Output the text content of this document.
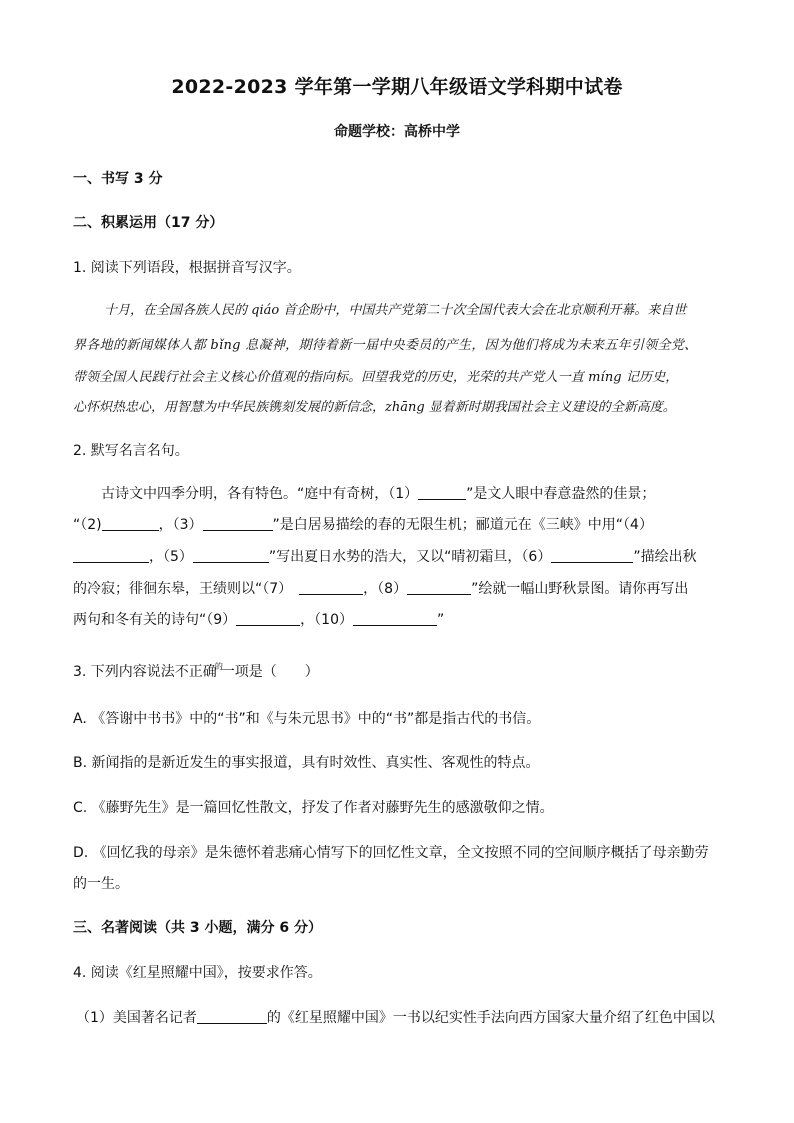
2022-2023 学年第一学期八年级语文学科期中试卷
命题学校：高桥中学
一、书写 3 分
二、积累运用（17 分）
1. 阅读下列语段，根据拼音写汉字。
十月，在全国各族人民的 qiáo 首企盼中，中国共产党第二十次全国代表大会在北京顺利开幕。来自世
界各地的新闻媒体人都 bǐng 息凝神，期待着新一届中央委员的产生，因为他们将成为未来五年引领全党、
带领全国人民践行社会主义核心价值观的指向标。回望我党的历史，光荣的共产党人一直 míng 记历史，
心怀炽热忠心，用智慧为中华民族镌刻发展的新信念，zhāng 显着新时期我国社会主义建设的全新高度。
2. 默写名言名句。
古诗文中四季分明，各有特色。“庭中有奇树，（1）	”是文人眼中春意盎然的佳景；
“（2)	，（3）	”是白居易描绘的春的无限生机；郦道元在《三峡》中用“（4）
，（5）	”写出夏日水势的浩大，又以“晴初霜旦，（6）	”描绘出秋
的冷寂；徘徊东皋，王绩则以“（7）　	，（8）	”绘就一幅山野秋景图。请你再写出
两句和冬有关的诗句“（9）	，（10）	”
3. 下列内容说法不正确$^的$一项是（　　）
A. 《答谢中书书》中的“书”和《与朱元思书》中的“书”都是指古代的书信。
B. 新闻指的是新近发生的事实报道，具有时效性、真实性、客观性的特点。
C. 《藤野先生》是一篇回忆性散文，抒发了作者对藤野先生的感激敬仰之情。
D. 《回忆我的母亲》是朱德怀着悲痛心情写下的回忆性文章，全文按照不同的空间顺序概括了母亲勤劳
的一生。
三、名著阅读（共 3 小题，满分 6 分）
4. 阅读《红星照耀中国》，按要求作答。
（1）美国著名记者	的《红星照耀中国》一书以纪实性手法向西方国家大量介绍了红色中国以
